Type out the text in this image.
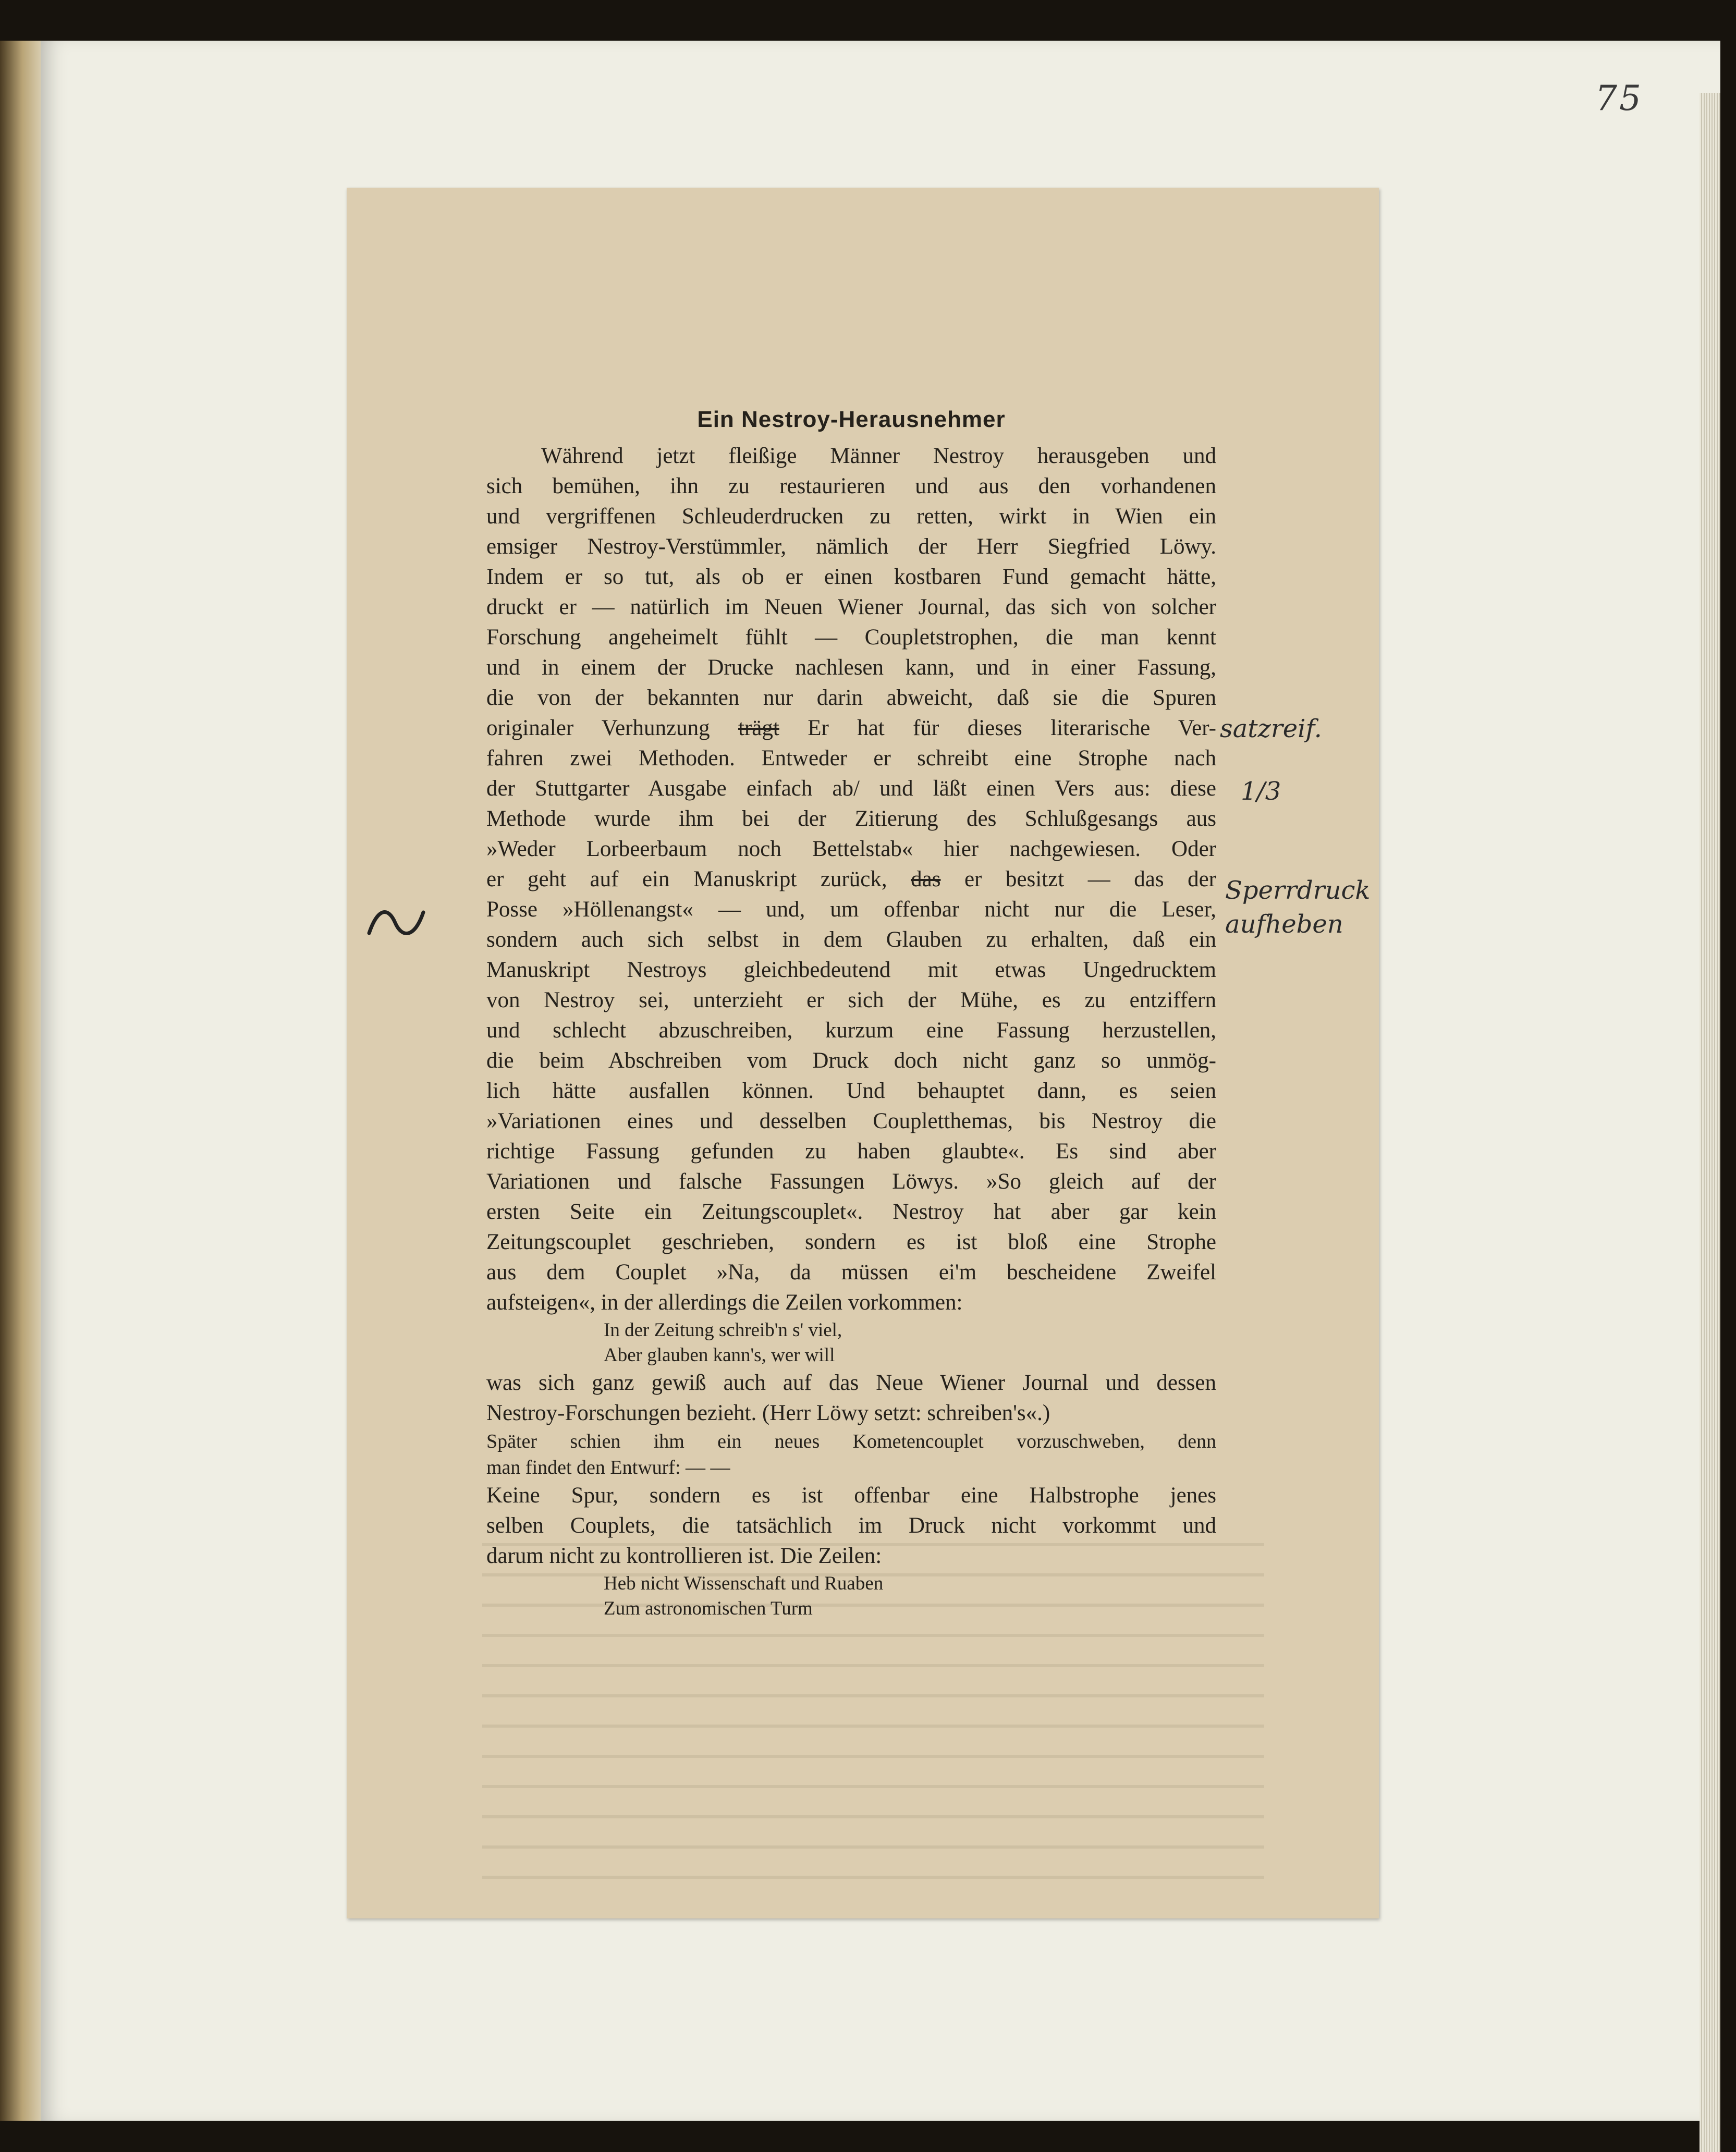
75
Ein Nestroy-Herausnehmer
Während jetzt fleißige Männer Nestroy herausgeben und
sich bemühen, ihn zu restaurieren und aus den vorhandenen
und vergriffenen Schleuderdrucken zu retten, wirkt in Wien ein
emsiger Nestroy-Verstümmler, nämlich der Herr Siegfried Löwy.
Indem er so tut, als ob er einen kostbaren Fund gemacht hätte,
druckt er — natürlich im Neuen Wiener Journal, das sich von solcher
Forschung angeheimelt fühlt — Coupletstrophen, die man kennt
und in einem der Drucke nachlesen kann, und in einer Fassung,
die von der bekannten nur darin abweicht, daß sie die Spuren
originaler Verhunzung trägt Er hat für dieses literarische Ver-
fahren zwei Methoden. Entweder er schreibt eine Strophe nach
der Stuttgarter Ausgabe einfach ab/ und läßt einen Vers aus: diese
Methode wurde ihm bei der Zitierung des Schlußgesangs aus
»Weder Lorbeerbaum noch Bettelstab« hier nachgewiesen. Oder
er geht auf ein Manuskript zurück, das er besitzt — das der
Posse »Höllenangst« — und, um offenbar nicht nur die Leser,
sondern auch sich selbst in dem Glauben zu erhalten, daß ein
Manuskript Nestroys gleichbedeutend mit etwas Ungedrucktem
von Nestroy sei, unterzieht er sich der Mühe, es zu entziffern
und schlecht abzuschreiben, kurzum eine Fassung herzustellen,
die beim Abschreiben vom Druck doch nicht ganz so unmög-
lich hätte ausfallen können. Und behauptet dann, es seien
»Variationen eines und desselben Coupletthemas, bis Nestroy die
richtige Fassung gefunden zu haben glaubte«. Es sind aber
Variationen und falsche Fassungen Löwys. »So gleich auf der
ersten Seite ein Zeitungscouplet«. Nestroy hat aber gar kein
Zeitungscouplet geschrieben, sondern es ist bloß eine Strophe
aus dem Couplet »Na, da müssen ei'm bescheidene Zweifel
aufsteigen«, in der allerdings die Zeilen vorkommen:
In der Zeitung schreib'n s' viel,
Aber glauben kann's, wer will
was sich ganz gewiß auch auf das Neue Wiener Journal und dessen
Nestroy-Forschungen bezieht. (Herr Löwy setzt: schreiben's«.)
Später schien ihm ein neues Kometencouplet vorzuschweben, denn
man findet den Entwurf: — —
Keine Spur, sondern es ist offenbar eine Halbstrophe jenes
selben Couplets, die tatsächlich im Druck nicht vorkommt und
darum nicht zu kontrollieren ist. Die Zeilen:
Heb nicht Wissenschaft und Ruaben
Zum astronomischen Turm
satzreif.
1/3
Sperrdruck
aufheben
